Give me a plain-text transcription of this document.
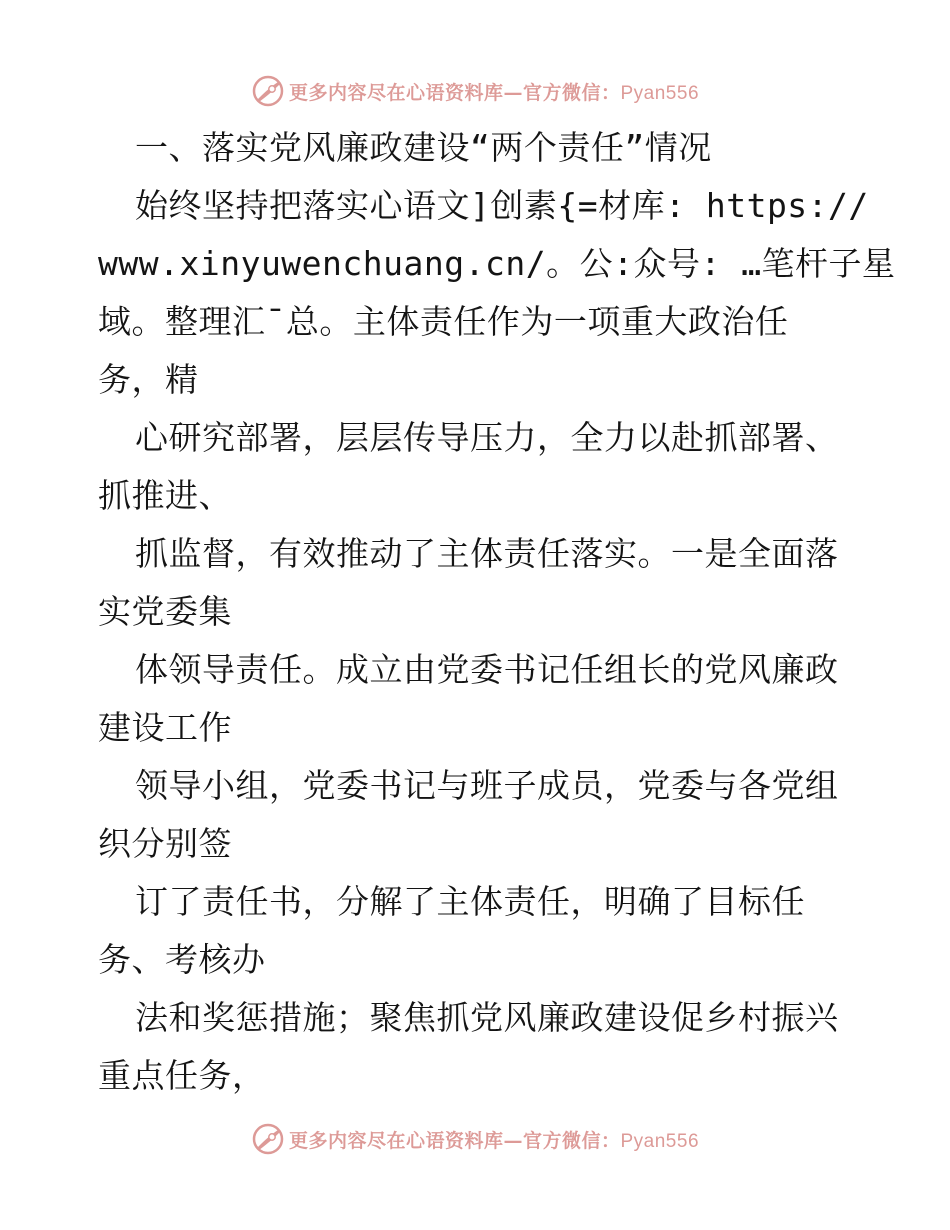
更多内容尽在心语资料库—官方微信：Pyan556
一、落实党风廉政建设“两个责任”情况
始终坚持把落实心语文]创素{=材库: https://
www.xinyuwenchuang.cn/。公:众号: …笔杆子星
域。整理汇¯总。主体责任作为一项重大政治任
务，精
心研究部署，层层传导压力，全力以赴抓部署、
抓推进、
抓监督，有效推动了主体责任落实。一是全面落
实党委集
体领导责任。成立由党委书记任组长的党风廉政
建设工作
领导小组，党委书记与班子成员，党委与各党组
织分别签
订了责任书，分解了主体责任，明确了目标任
务、考核办
法和奖惩措施；聚焦抓党风廉政建设促乡村振兴
重点任务，
更多内容尽在心语资料库—官方微信：Pyan556
